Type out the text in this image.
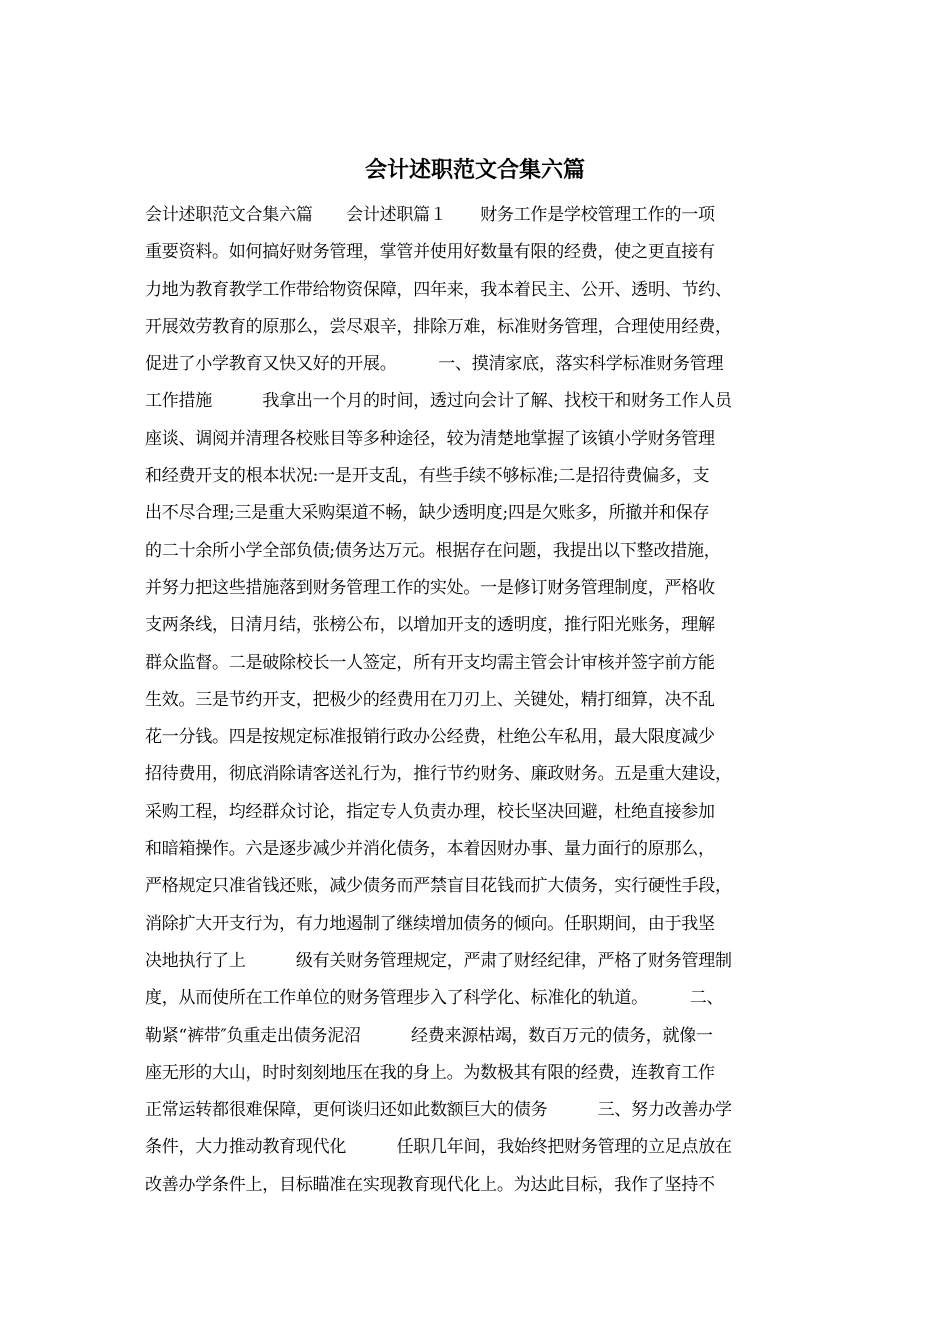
会计述职范文合集六篇
会计述职范文合集六篇　　会计述职篇１　　财务工作是学校管理工作的一项
重要资料。如何搞好财务管理，掌管并使用好数量有限的经费，使之更直接有
力地为教育教学工作带给物资保障，四年来，我本着民主、公开、透明、节约、
开展效劳教育的原那么，尝尽艰辛，排除万难，标准财务管理，合理使用经费，
促进了小学教育又快又好的开展。　　　一、摸清家底，落实科学标准财务管理
工作措施　　　我拿出一个月的时间，透过向会计了解、找校干和财务工作人员
座谈、调阅并清理各校账目等多种途径，较为清楚地掌握了该镇小学财务管理
和经费开支的根本状况:一是开支乱，有些手续不够标准;二是招待费偏多，支
出不尽合理;三是重大采购渠道不畅，缺少透明度;四是欠账多，所撤并和保存
的二十余所小学全部负债;债务达万元。根据存在问题，我提出以下整改措施，
并努力把这些措施落到财务管理工作的实处。一是修订财务管理制度，严格收
支两条线，日清月结，张榜公布，以增加开支的透明度，推行阳光账务，理解
群众监督。二是破除校长一人签定，所有开支均需主管会计审核并签字前方能
生效。三是节约开支，把极少的经费用在刀刃上、关键处，精打细算，决不乱
花一分钱。四是按规定标准报销行政办公经费，杜绝公车私用，最大限度减少
招待费用，彻底消除请客送礼行为，推行节约财务、廉政财务。五是重大建设，
采购工程，均经群众讨论，指定专人负责办理，校长坚决回避，杜绝直接参加
和暗箱操作。六是逐步减少并消化债务，本着因财办事、量力面行的原那么，
严格规定只准省钱还账，减少债务而严禁盲目花钱而扩大债务，实行硬性手段，
消除扩大开支行为，有力地遏制了继续增加债务的倾向。任职期间，由于我坚
决地执行了上　　　级有关财务管理规定，严肃了财经纪律，严格了财务管理制
度，从而使所在工作单位的财务管理步入了科学化、标准化的轨道。　　　二、
勒紧“裤带″负重走出债务泥沼　　　经费来源枯竭，数百万元的债务，就像一
座无形的大山，时时刻刻地压在我的身上。为数极其有限的经费，连教育工作
正常运转都很难保障，更何谈归还如此数额巨大的债务　　　三、努力改善办学
条件，大力推动教育现代化　　　任职几年间，我始终把财务管理的立足点放在
改善办学条件上，目标瞄准在实现教育现代化上。为达此目标，我作了坚持不
